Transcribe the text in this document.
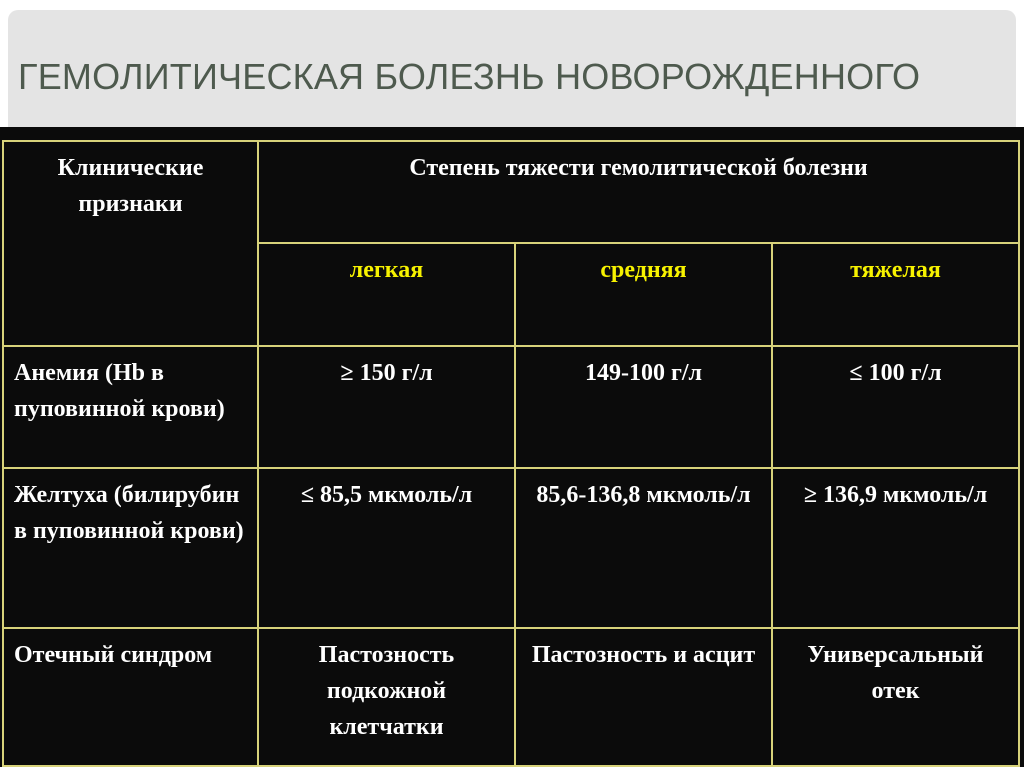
ГЕМОЛИТИЧЕСКАЯ БОЛЕЗНЬ НОВОРОЖДЕННОГО
Клинические признаки	Степень тяжести гемолитической болезни		
	легкая	средняя	тяжелая
Анемия (Hb в пуповинной крови)	≥ 150 г/л	149-100 г/л	≤ 100 г/л
Желтуха (билирубин в пуповинной крови)	≤ 85,5 мкмоль/л	85,6-136,8 мкмоль/л	≥ 136,9 мкмоль/л
Отечный синдром	Пастозность подкожной клетчатки	Пастозность и асцит	Универсальный отек
